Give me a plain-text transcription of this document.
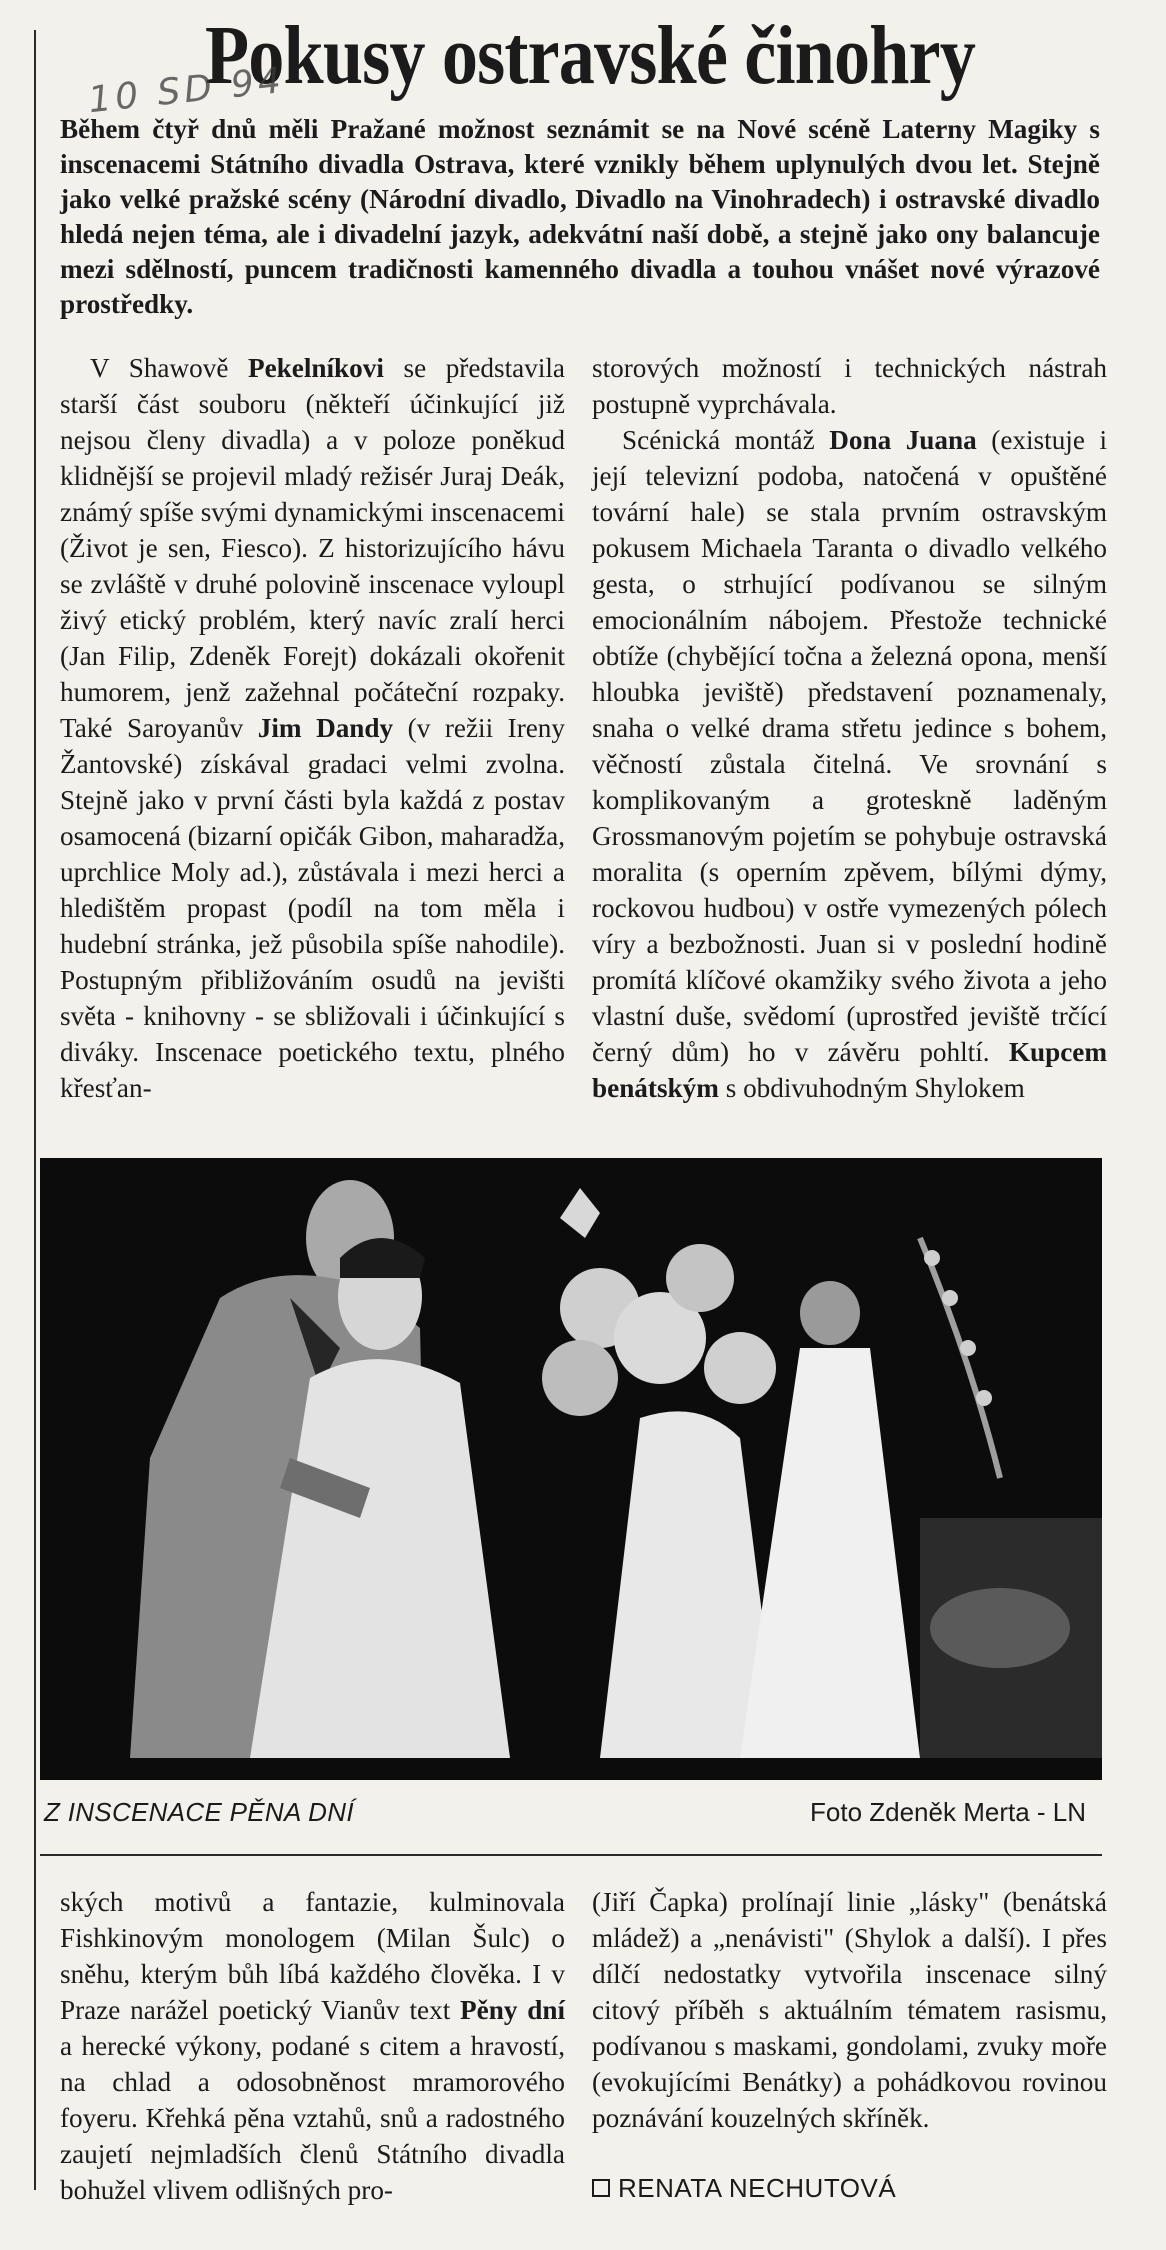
Pokusy ostravské činohry
10 SD 94

Během čtyř dnů měli Pražané možnost seznámit se na Nové scéně Laterny Magiky s inscenacemi Státního divadla Ostrava, které vznikly během uplynulých dvou let. Stejně jako velké pražské scény (Národní divadlo, Divadlo na Vinohradech) i ostravské divadlo hledá nejen téma, ale i divadelní jazyk, adekvátní naší době, a stejně jako ony balancuje mezi sdělností, puncem tradičnosti kamenného divadla a touhou vnášet nové výrazové prostředky.

V Shawově Pekelníkovi se představila starší část souboru (někteří účinkující již nejsou členy divadla) a v poloze poněkud klidnější se projevil mladý režisér Juraj Deák, známý spíše svými dynamickými inscenacemi (Život je sen, Fiesco). Z historizujícího hávu se zvláště v druhé polovině inscenace vyloupl živý etický problém, který navíc zralí herci (Jan Filip, Zdeněk Forejt) dokázali okořenit humorem, jenž zažehnal počáteční rozpaky. Také Saroyanův Jim Dandy (v režii Ireny Žantovské) získával gradaci velmi zvolna. Stejně jako v první části byla každá z postav osamocená (bizarní opičák Gibon, maharadža, uprchlice Moly ad.), zůstávala i mezi herci a hledištěm propast (podíl na tom měla i hudební stránka, jež působila spíše nahodile). Postupným přibližováním osudů na jevišti světa - knihovny - se sbližovali i účinkující s diváky. Inscenace poetického textu, plného křesťan-

storových možností i technických nástrah postupně vyprchávala.

Scénická montáž Dona Juana (existuje i její televizní podoba, natočená v opuštěné tovární hale) se stala prvním ostravským pokusem Michaela Taranta o divadlo velkého gesta, o strhující podívanou se silným emocionálním nábojem. Přestože technické obtíže (chybějící točna a železná opona, menší hloubka jeviště) představení poznamenaly, snaha o velké drama střetu jedince s bohem, věčností zůstala čitelná. Ve srovnání s komplikovaným a groteskně laděným Grossmanovým pojetím se pohybuje ostravská moralita (s operním zpěvem, bílými dýmy, rockovou hudbou) v ostře vymezených pólech víry a bezbožnosti. Juan si v poslední hodině promítá klíčové okamžiky svého života a jeho vlastní duše, svědomí (uprostřed jeviště trčící černý dům) ho v závěru pohltí. Kupcem benátským s obdivuhodným Shylokem

Z INSCENACE PĚNA DNÍ	Foto Zdeněk Merta - LN

ských motivů a fantazie, kulminovala Fishkinovým monologem (Milan Šulc) o sněhu, kterým bůh líbá každého člověka. I v Praze narážel poetický Vianův text Pěny dní a herecké výkony, podané s citem a hravostí, na chlad a odosobněnost mramorového foyeru. Křehká pěna vztahů, snů a radostného zaujetí nejmladších členů Státního divadla bohužel vlivem odlišných pro-

(Jiří Čapka) prolínají linie „lásky" (benátská mládež) a „nenávisti" (Shylok a další). I přes dílčí nedostatky vytvořila inscenace silný citový příběh s aktuálním tématem rasismu, podívanou s maskami, gondolami, zvuky moře (evokujícími Benátky) a pohádkovou rovinou poznávání kouzelných skříněk.

RENATA NECHUTOVÁ
